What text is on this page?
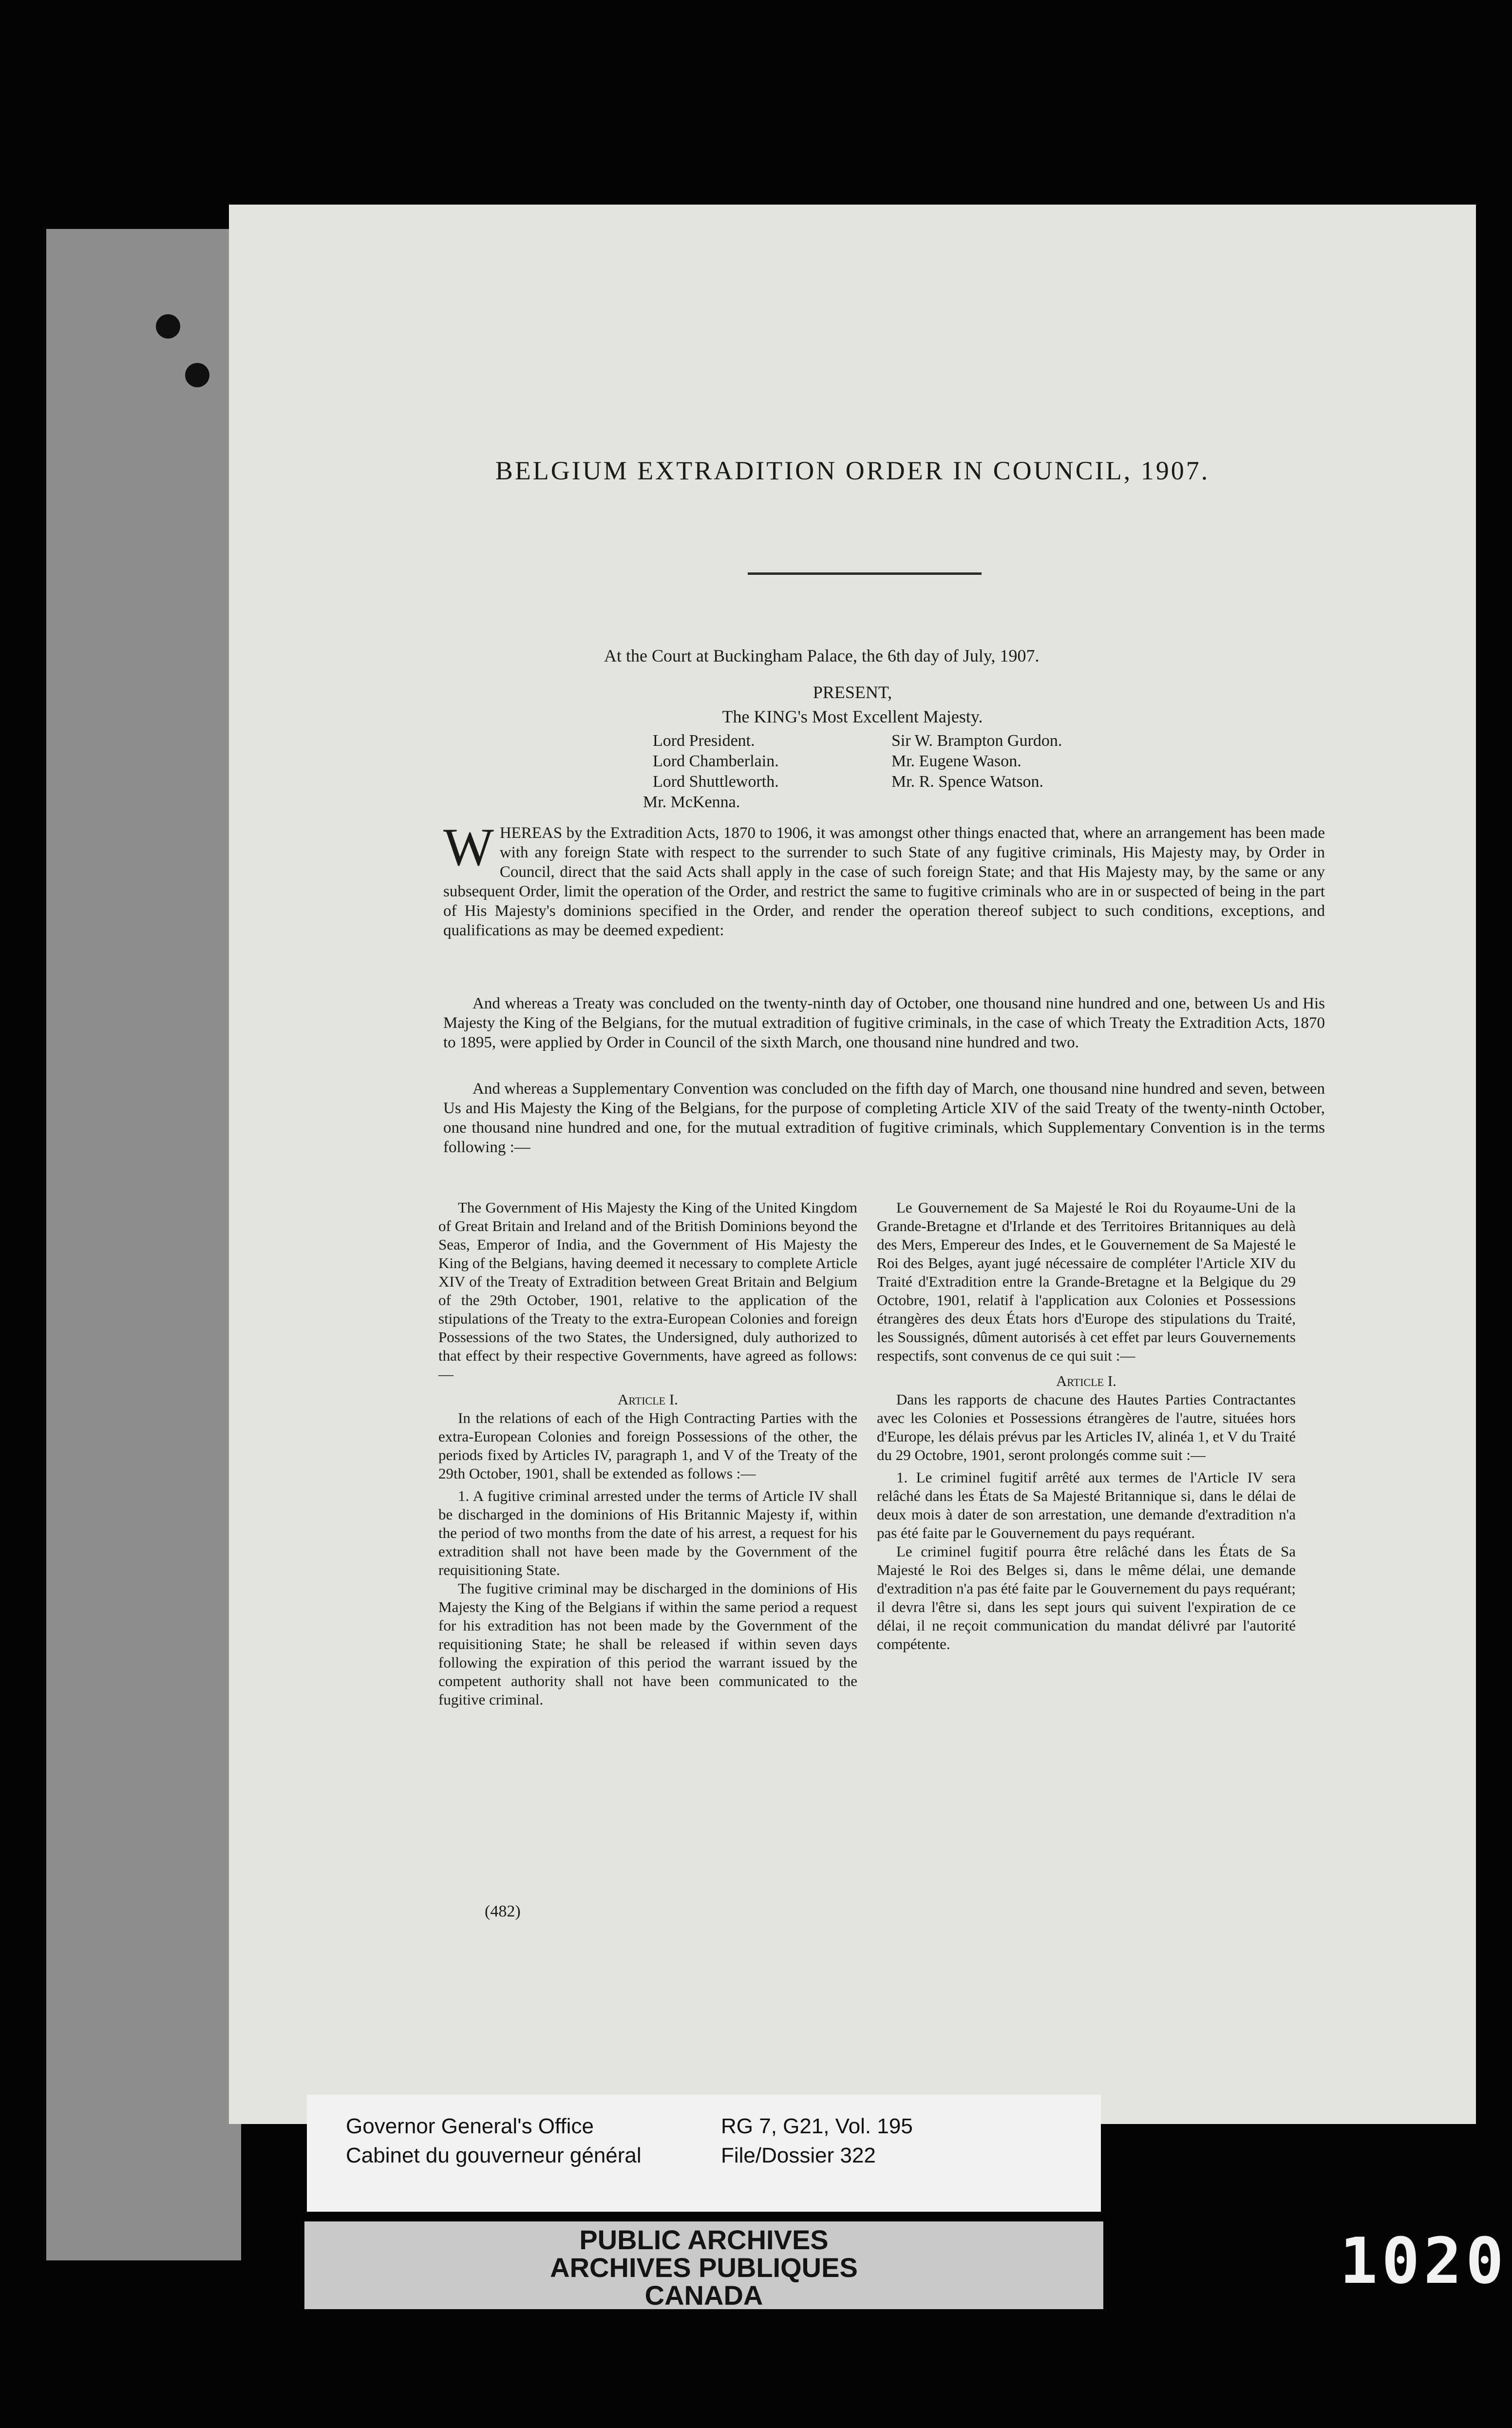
BELGIUM EXTRADITION ORDER IN COUNCIL, 1907.
At the Court at Buckingham Palace, the 6th day of July, 1907.
PRESENT,
The KING's Most Excellent Majesty.
Lord President.
Lord Chamberlain.
Lord Shuttleworth.
Mr. McKenna.
Sir W. Brampton Gurdon.
Mr. Eugene Wason.
Mr. R. Spence Watson.
WHEREAS by the Extradition Acts, 1870 to 1906, it was amongst other things enacted that, where an arrangement has been made with any foreign State with respect to the surrender to such State of any fugitive criminals, His Majesty may, by Order in Council, direct that the said Acts shall apply in the case of such foreign State; and that His Majesty may, by the same or any subsequent Order, limit the operation of the Order, and restrict the same to fugitive criminals who are in or suspected of being in the part of His Majesty's dominions specified in the Order, and render the operation thereof subject to such conditions, exceptions, and qualifications as may be deemed expedient:
And whereas a Treaty was concluded on the twenty-ninth day of October, one thousand nine hundred and one, between Us and His Majesty the King of the Belgians, for the mutual extradition of fugitive criminals, in the case of which Treaty the Extradition Acts, 1870 to 1895, were applied by Order in Council of the sixth March, one thousand nine hundred and two.
And whereas a Supplementary Convention was concluded on the fifth day of March, one thousand nine hundred and seven, between Us and His Majesty the King of the Belgians, for the purpose of completing Article XIV of the said Treaty of the twenty-ninth October, one thousand nine hundred and one, for the mutual extradition of fugitive criminals, which Supplementary Convention is in the terms following :—

The Government of His Majesty the King of the United Kingdom of Great Britain and Ireland and of the British Dominions beyond the Seas, Emperor of India, and the Government of His Majesty the King of the Belgians, having deemed it necessary to complete Article XIV of the Treaty of Extradition between Great Britain and Belgium of the 29th October, 1901, relative to the application of the stipulations of the Treaty to the extra-European Colonies and foreign Possessions of the two States, the Undersigned, duly authorized to that effect by their respective Governments, have agreed as follows:—

Article I.

In the relations of each of the High Contracting Parties with the extra-European Colonies and foreign Possessions of the other, the periods fixed by Articles IV, paragraph 1, and V of the Treaty of the 29th October, 1901, shall be extended as follows :—

1. A fugitive criminal arrested under the terms of Article IV shall be discharged in the dominions of His Britannic Majesty if, within the period of two months from the date of his arrest, a request for his extradition shall not have been made by the Government of the requisitioning State.

The fugitive criminal may be discharged in the dominions of His Majesty the King of the Belgians if within the same period a request for his extradition has not been made by the Government of the requisitioning State; he shall be released if within seven days following the expiration of this period the warrant issued by the competent authority shall not have been communicated to the fugitive criminal.

Le Gouvernement de Sa Majesté le Roi du Royaume-Uni de la Grande-Bretagne et d'Irlande et des Territoires Britanniques au delà des Mers, Empereur des Indes, et le Gouvernement de Sa Majesté le Roi des Belges, ayant jugé nécessaire de compléter l'Article XIV du Traité d'Extradition entre la Grande-Bretagne et la Belgique du 29 Octobre, 1901, relatif à l'application aux Colonies et Possessions étrangères des deux États hors d'Europe des stipulations du Traité, les Soussignés, dûment autorisés à cet effet par leurs Gouvernements respectifs, sont convenus de ce qui suit :—

Article I.

Dans les rapports de chacune des Hautes Parties Contractantes avec les Colonies et Possessions étrangères de l'autre, situées hors d'Europe, les délais prévus par les Articles IV, alinéa 1, et V du Traité du 29 Octobre, 1901, seront prolongés comme suit :—

1. Le criminel fugitif arrêté aux termes de l'Article IV sera relâché dans les États de Sa Majesté Britannique si, dans le délai de deux mois à dater de son arrestation, une demande d'extradition n'a pas été faite par le Gouvernement du pays requérant.

Le criminel fugitif pourra être relâché dans les États de Sa Majesté le Roi des Belges si, dans le même délai, une demande d'extradition n'a pas été faite par le Gouvernement du pays requérant; il devra l'être si, dans les sept jours qui suivent l'expiration de ce délai, il ne reçoit communication du mandat délivré par l'autorité compétente.

(482)
Governor General's Office
Cabinet du gouverneur général
RG 7, G21, Vol. 195
File/Dossier 322
PUBLIC ARCHIVES
ARCHIVES PUBLIQUES
CANADA	1020
